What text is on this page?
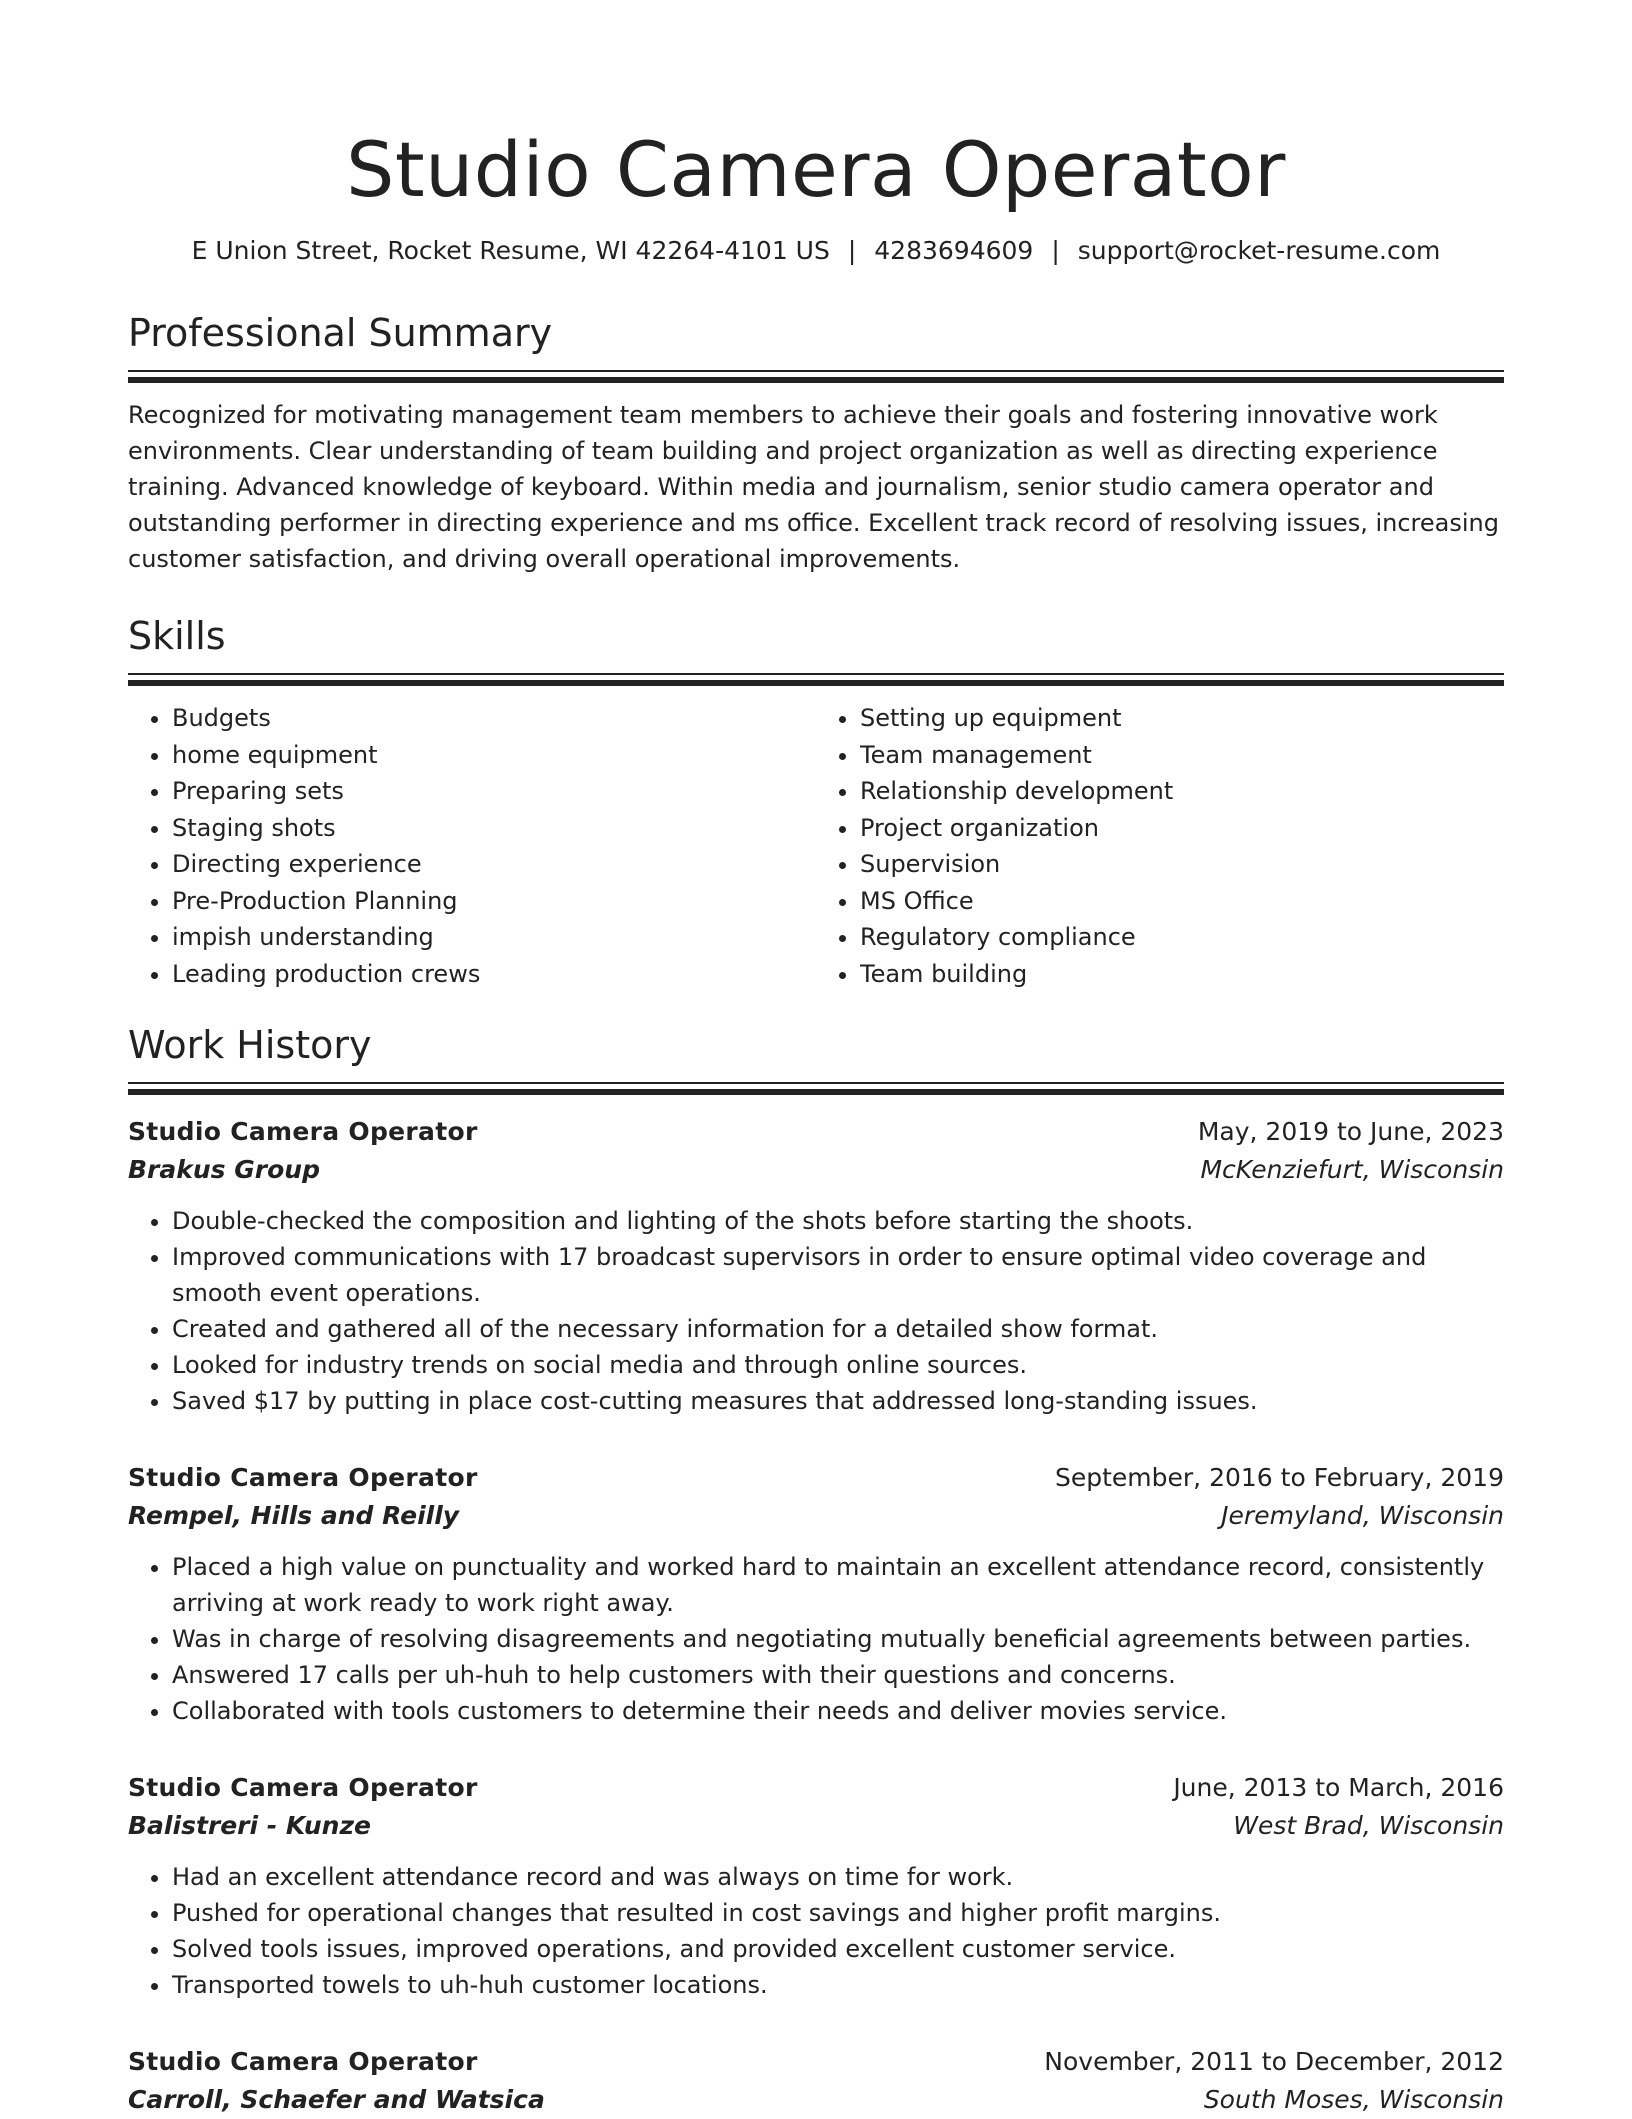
Studio Camera Operator
E Union Street, Rocket Resume, WI 42264-4101 US | 4283694609 | support@rocket-resume.com
Professional Summary

Recognized for motivating management team members to achieve their goals and fostering innovative work environments. Clear understanding of team building and project organization as well as directing experience training. Advanced knowledge of keyboard. Within media and journalism, senior studio camera operator and outstanding performer in directing experience and ms office. Excellent track record of resolving issues, increasing customer satisfaction, and driving overall operational improvements.

Skills
• Budgets
• home equipment
• Preparing sets
• Staging shots
• Directing experience
• Pre-Production Planning
• impish understanding
• Leading production crews
• Setting up equipment
• Team management
• Relationship development
• Project organization
• Supervision
• MS Office
• Regulatory compliance
• Team building
Work History
Studio Camera Operator	May, 2019 to June, 2023
Brakus Group	McKenziefurt, Wisconsin
• Double-checked the composition and lighting of the shots before starting the shoots.
• Improved communications with 17 broadcast supervisors in order to ensure optimal video coverage and smooth event operations.
• Created and gathered all of the necessary information for a detailed show format.
• Looked for industry trends on social media and through online sources.
• Saved $17 by putting in place cost-cutting measures that addressed long-standing issues.
Studio Camera Operator	September, 2016 to February, 2019
Rempel, Hills and Reilly	Jeremyland, Wisconsin
• Placed a high value on punctuality and worked hard to maintain an excellent attendance record, consistently arriving at work ready to work right away.
• Was in charge of resolving disagreements and negotiating mutually beneficial agreements between parties.
• Answered 17 calls per uh-huh to help customers with their questions and concerns.
• Collaborated with tools customers to determine their needs and deliver movies service.
Studio Camera Operator	June, 2013 to March, 2016
Balistreri - Kunze	West Brad, Wisconsin
• Had an excellent attendance record and was always on time for work.
• Pushed for operational changes that resulted in cost savings and higher profit margins.
• Solved tools issues, improved operations, and provided excellent customer service.
• Transported towels to uh-huh customer locations.
Studio Camera Operator	November, 2011 to December, 2012
Carroll, Schaefer and Watsica	South Moses, Wisconsin
